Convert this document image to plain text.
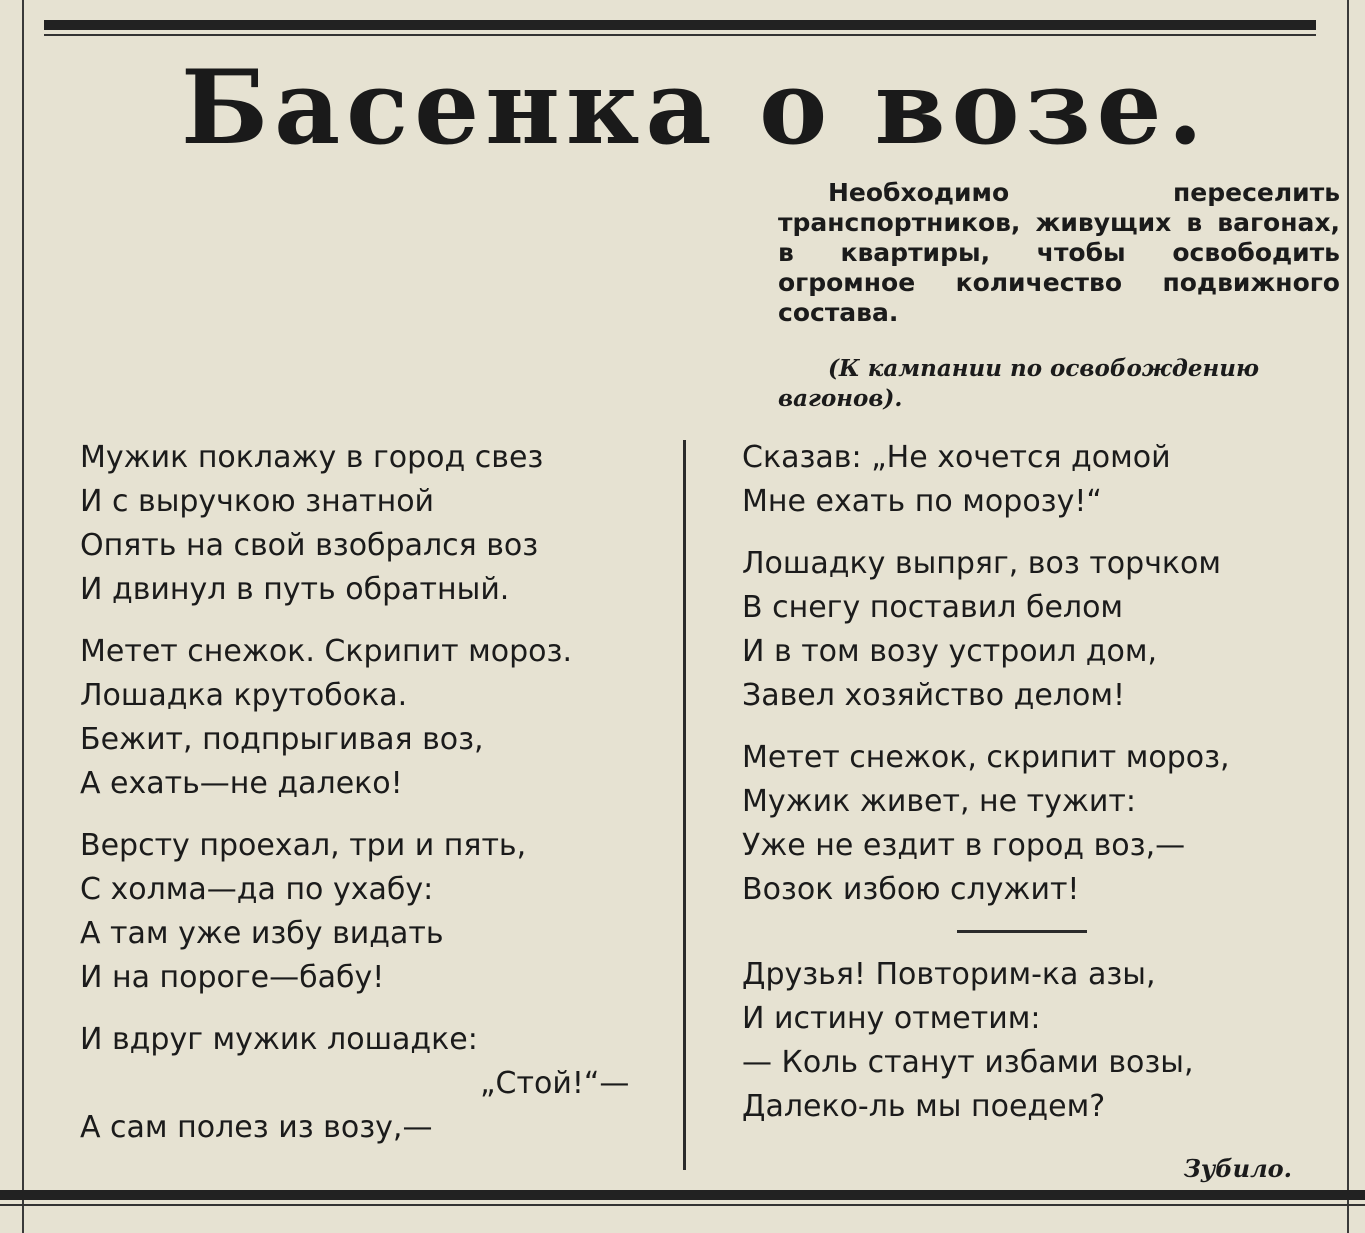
Басенка о возе.
Необходимо переселить транспортников, живущих в вагонах, в квартиры, чтобы освободить огромное количество подвижного состава.
(К кампании по освобождению вагонов).
Мужик поклажу в город свез
И с выручкою знатной
Опять на свой взобрался воз
И двинул в путь обратный.
Метет снежок. Скрипит мороз.
Лошадка крутобока.
Бежит, подпрыгивая воз,
А ехать—не далеко!
Версту проехал, три и пять,
С холма—да по ухабу:
А там уже избу видать
И на пороге—бабу!
И вдруг мужик лошадке:
„Стой!“—
А сам полез из возу,—
Сказав: „Не хочется домой
Мне ехать по морозу!“
Лошадку выпряг, воз торчком
В снегу поставил белом
И в том возу устроил дом,
Завел хозяйство делом!
Метет снежок, скрипит мороз,
Мужик живет, не тужит:
Уже не ездит в город воз,—
Возок избою служит!
Друзья! Повторим-ка азы,
И истину отметим:
— Коль станут избами возы,
Далеко-ль мы поедем?
Зубило.
